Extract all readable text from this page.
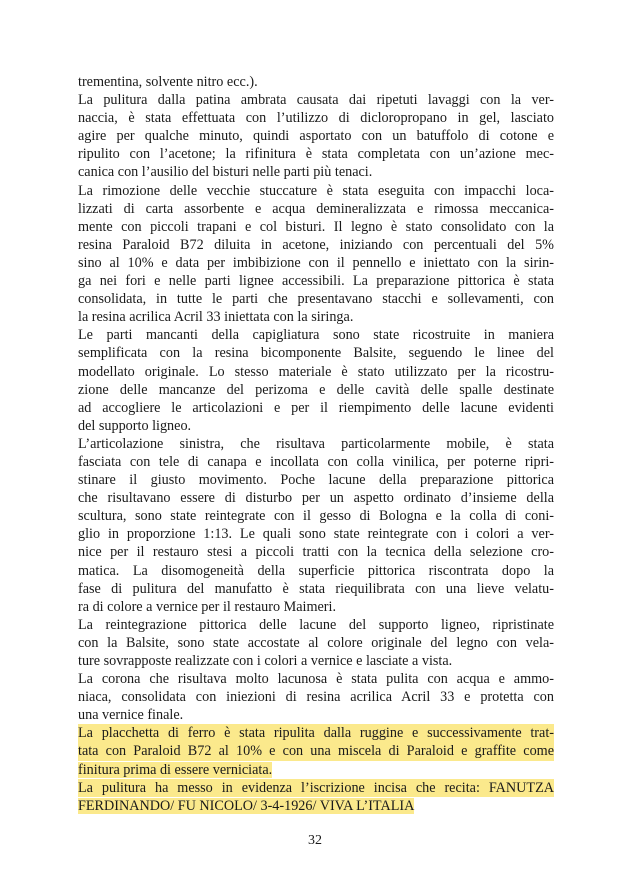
trementina, solvente nitro ecc.).
La pulitura dalla patina ambrata causata dai ripetuti lavaggi con la ver-
naccia, è stata effettuata con l’utilizzo di dicloropropano in gel, lasciato
agire per qualche minuto, quindi asportato con un batuffolo di cotone e
ripulito con l’acetone; la rifinitura è stata completata con un’azione mec-
canica con l’ausilio del bisturi nelle parti più tenaci.
La rimozione delle vecchie stuccature è stata eseguita con impacchi loca-
lizzati di carta assorbente e acqua demineralizzata e rimossa meccanica-
mente con piccoli trapani e col bisturi. Il legno è stato consolidato con la
resina Paraloid B72 diluita in acetone, iniziando con percentuali del 5%
sino al 10% e data per imbibizione con il pennello e iniettato con la sirin-
ga nei fori e nelle parti lignee accessibili. La preparazione pittorica è stata
consolidata, in tutte le parti che presentavano stacchi e sollevamenti, con
la resina acrilica Acril 33 iniettata con la siringa.
Le parti mancanti della capigliatura sono state ricostruite in maniera
semplificata con la resina bicomponente Balsite, seguendo le linee del
modellato originale. Lo stesso materiale è stato utilizzato per la ricostru-
zione delle mancanze del perizoma e delle cavità delle spalle destinate
ad accogliere le articolazioni e per il riempimento delle lacune evidenti
del supporto ligneo.
L’articolazione sinistra, che risultava particolarmente mobile, è stata
fasciata con tele di canapa e incollata con colla vinilica, per poterne ripri-
stinare il giusto movimento. Poche lacune della preparazione pittorica
che risultavano essere di disturbo per un aspetto ordinato d’insieme della
scultura, sono state reintegrate con il gesso di Bologna e la colla di coni-
glio in proporzione 1:13. Le quali sono state reintegrate con i colori a ver-
nice per il restauro stesi a piccoli tratti con la tecnica della selezione cro-
matica. La disomogeneità della superficie pittorica riscontrata dopo la
fase di pulitura del manufatto è stata riequilibrata con una lieve velatu-
ra di colore a vernice per il restauro Maimeri.
La reintegrazione pittorica delle lacune del supporto ligneo, ripristinate
con la Balsite, sono state accostate al colore originale del legno con vela-
ture sovrapposte realizzate con i colori a vernice e lasciate a vista.
La corona che risultava molto lacunosa è stata pulita con acqua e ammo-
niaca, consolidata con iniezioni di resina acrilica Acril 33 e protetta con
una vernice finale.
La placchetta di ferro è stata ripulita dalla ruggine e successivamente trat-
tata con Paraloid B72 al 10% e con una miscela di Paraloid e graffite come
finitura prima di essere verniciata.
La pulitura ha messo in evidenza l’iscrizione incisa che recita: FANUTZA
FERDINANDO/ FU NICOLO/ 3-4-1926/ VIVA L’ITALIA
32
